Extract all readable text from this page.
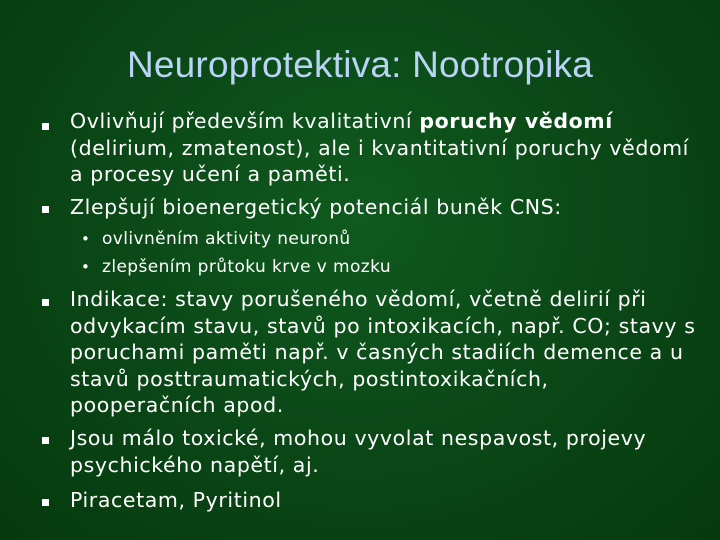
Neuroprotektiva: Nootropika
Ovlivňují především kvalitativní poruchy vědomí
(delirium, zmatenost), ale i kvantitativní poruchy vědomí a procesy učení a paměti.
Zlepšují bioenergetický potenciál buněk CNS:
• ovlivněním aktivity neuronů
• zlepšením průtoku krve v mozku
Indikace: stavy porušeného vědomí, včetně delirií při odvykacím stavu, stavů po intoxikacích, např. CO; stavy s poruchami paměti např. v časných stadiích demence a u stavů posttraumatických, postintoxikačních, pooperačních apod.
Jsou málo toxické, mohou vyvolat nespavost, projevy psychického napětí, aj.
Piracetam, Pyritinol
